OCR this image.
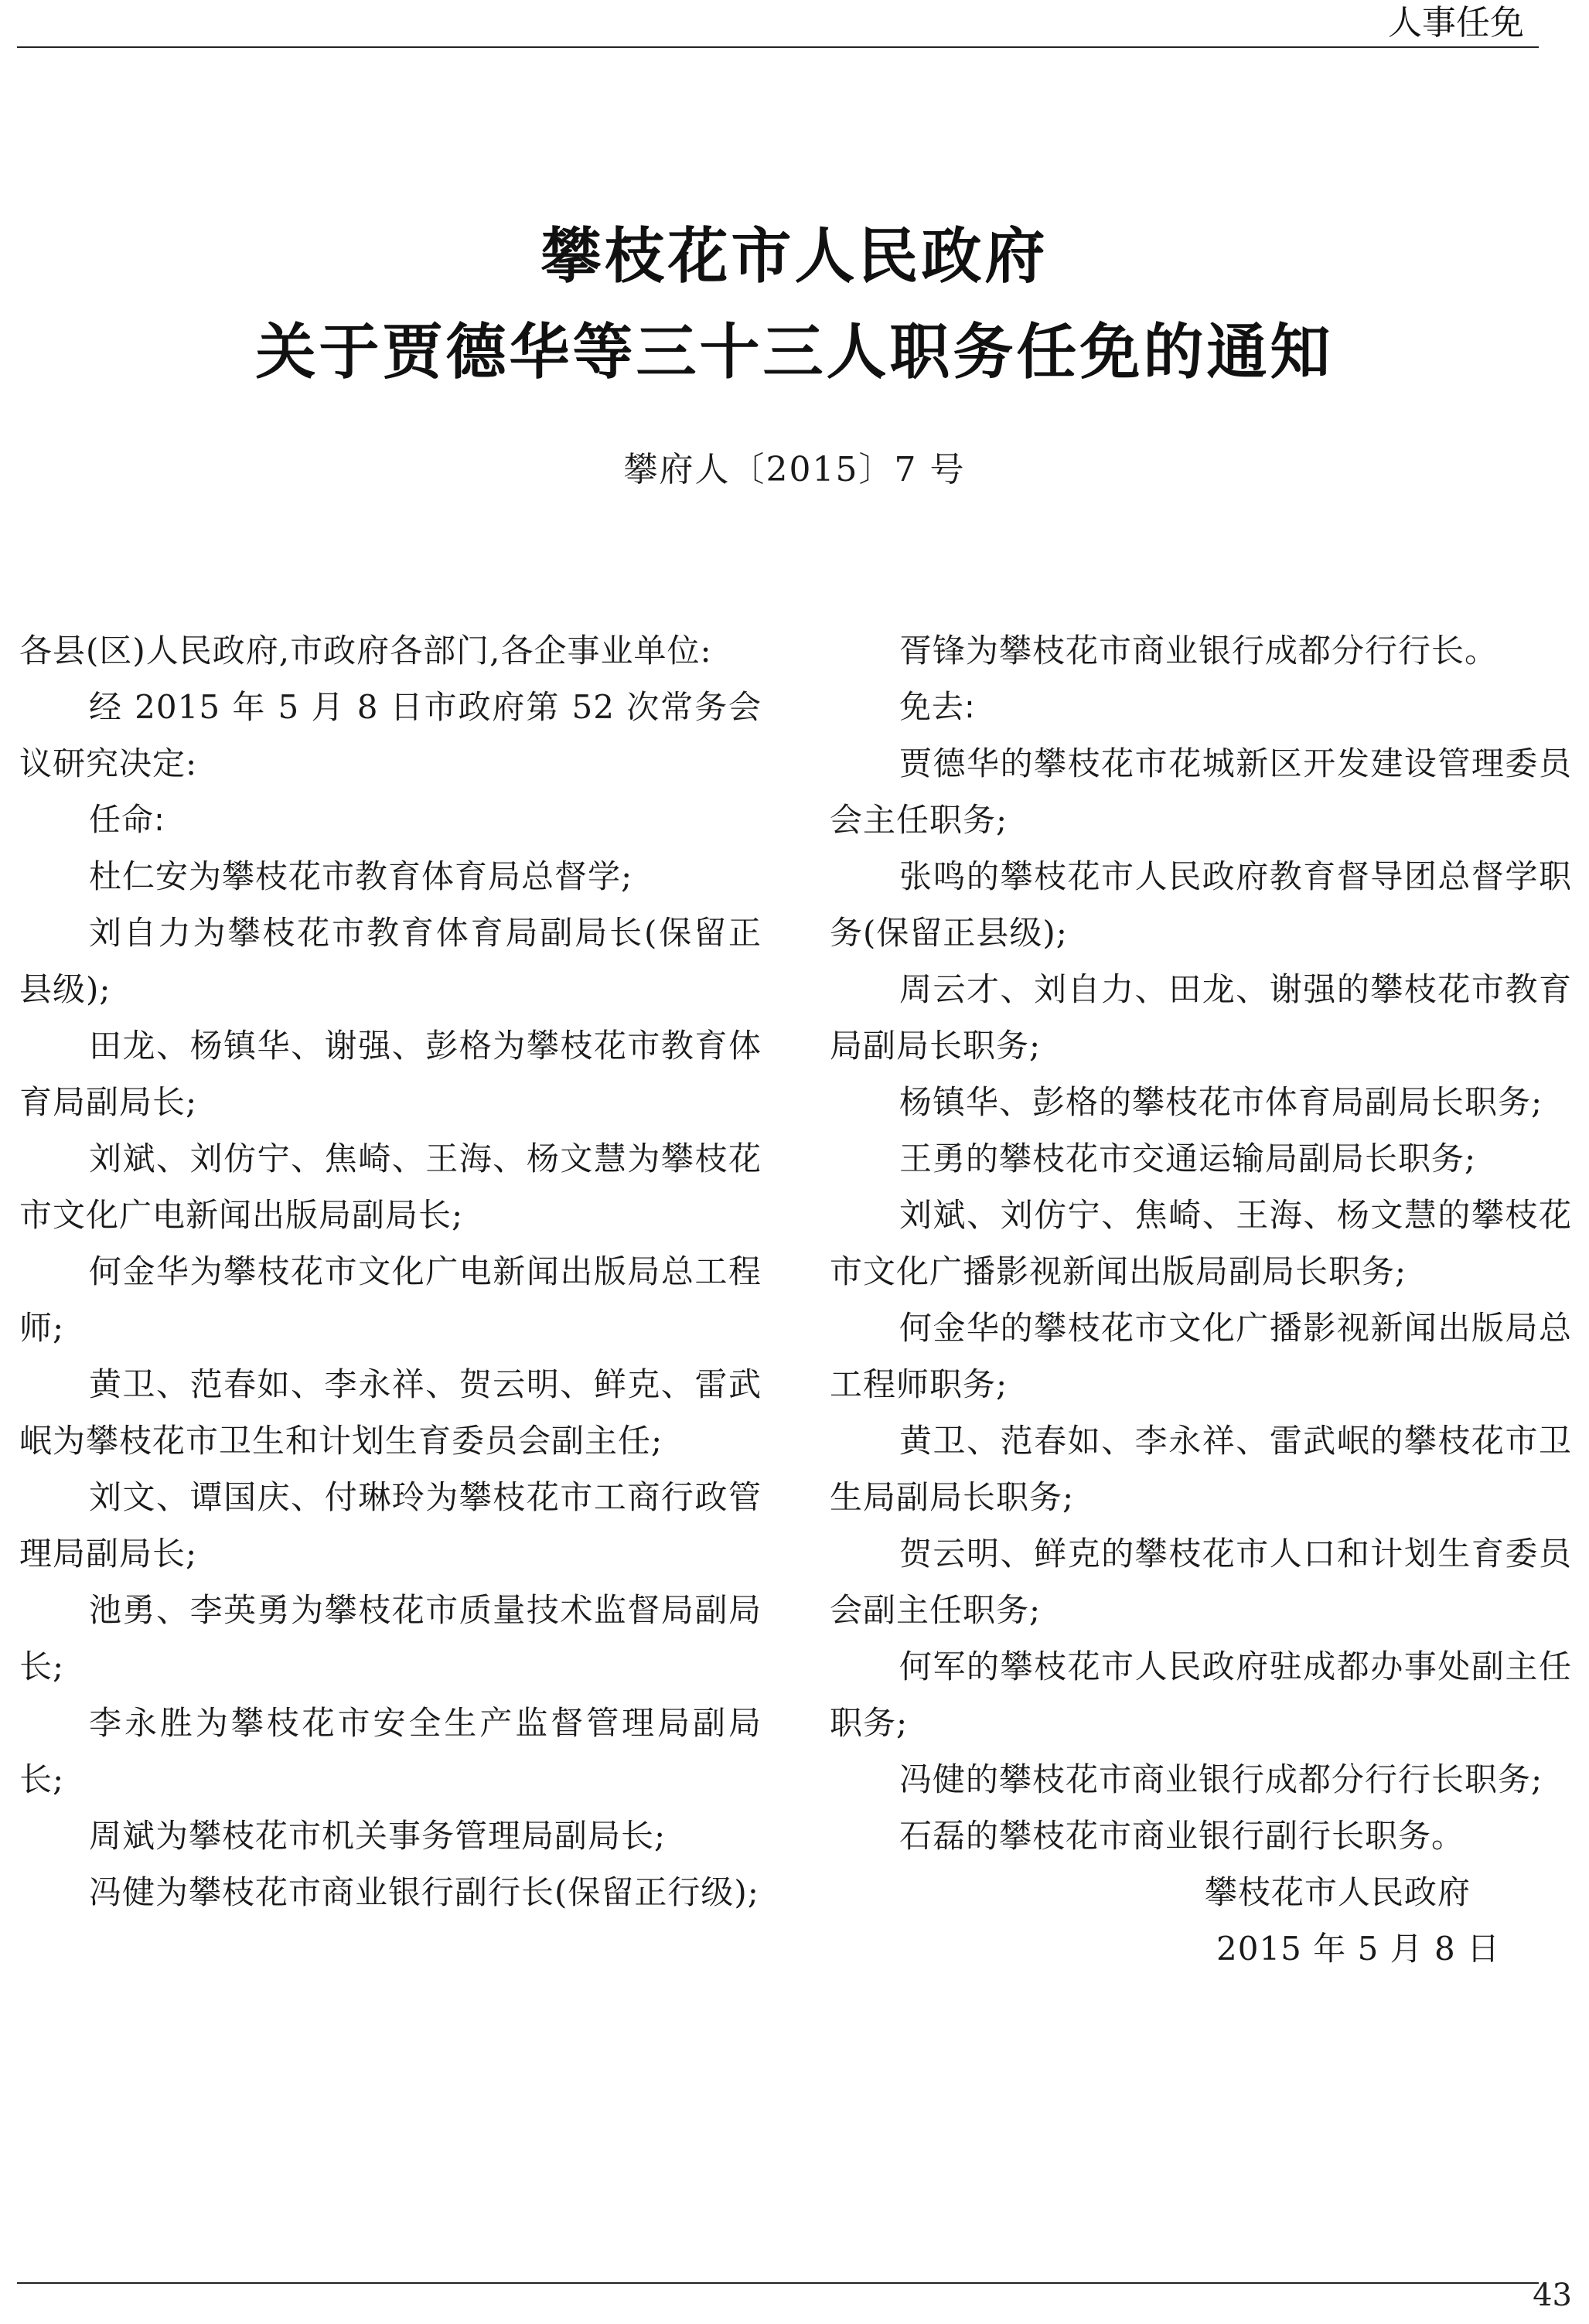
人事任免
攀枝花市人民政府
关于贾德华等三十三人职务任免的通知
攀府人〔2015〕7 号

各县(区)人民政府,市政府各部门,各企事业单位:

经 2015 年 5 月 8 日市政府第 52 次常务会议研究决定:

任命:

杜仁安为攀枝花市教育体育局总督学;

刘自力为攀枝花市教育体育局副局长(保留正县级);

田龙、杨镇华、谢强、彭格为攀枝花市教育体育局副局长;

刘斌、刘仿宁、焦崎、王海、杨文慧为攀枝花市文化广电新闻出版局副局长;

何金华为攀枝花市文化广电新闻出版局总工程师;

黄卫、范春如、李永祥、贺云明、鲜克、雷武岷为攀枝花市卫生和计划生育委员会副主任;

刘文、谭国庆、付琳玲为攀枝花市工商行政管理局副局长;

池勇、李英勇为攀枝花市质量技术监督局副局长;

李永胜为攀枝花市安全生产监督管理局副局长;

周斌为攀枝花市机关事务管理局副局长;

冯健为攀枝花市商业银行副行长(保留正行级);

胥锋为攀枝花市商业银行成都分行行长。

免去:

贾德华的攀枝花市花城新区开发建设管理委员会主任职务;

张鸣的攀枝花市人民政府教育督导团总督学职务(保留正县级);

周云才、刘自力、田龙、谢强的攀枝花市教育局副局长职务;

杨镇华、彭格的攀枝花市体育局副局长职务;

王勇的攀枝花市交通运输局副局长职务;

刘斌、刘仿宁、焦崎、王海、杨文慧的攀枝花市文化广播影视新闻出版局副局长职务;

何金华的攀枝花市文化广播影视新闻出版局总工程师职务;

黄卫、范春如、李永祥、雷武岷的攀枝花市卫生局副局长职务;

贺云明、鲜克的攀枝花市人口和计划生育委员会副主任职务;

何军的攀枝花市人民政府驻成都办事处副主任职务;

冯健的攀枝花市商业银行成都分行行长职务;

石磊的攀枝花市商业银行副行长职务。

攀枝花市人民政府
2015 年 5 月 8 日
43
